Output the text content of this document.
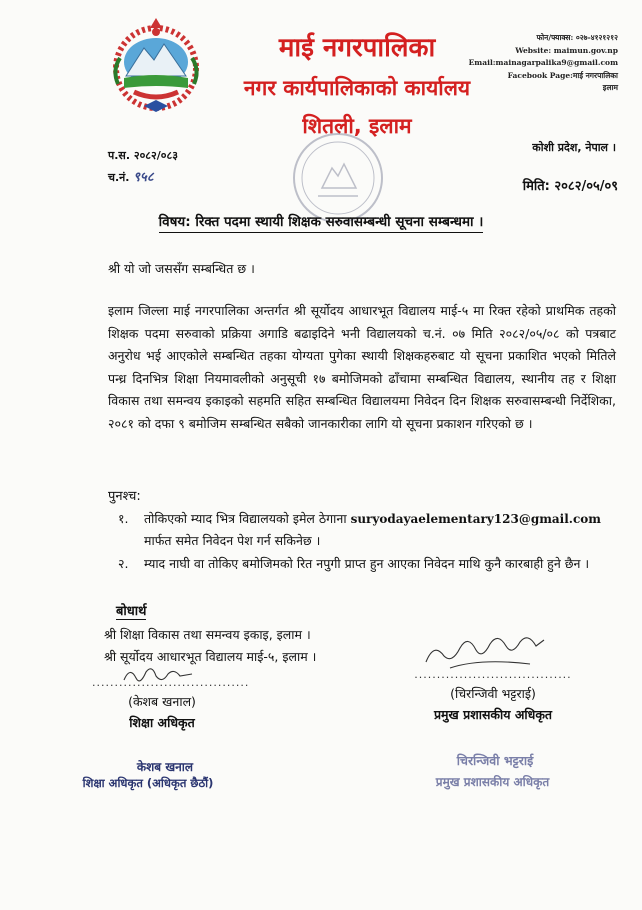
माई नगरपालिका
नगर कार्यपालिकाको कार्यालय
शितली, इलाम
फोन/फ्याक्स: ०२७-४१२१२१२
Website: maimun.gov.np
Email:mainagarpalika9@gmail.com
Facebook Page:माई नगरपालिका
इलाम
कोशी प्रदेश, नेपाल ।
प.स. २०८२/०८३
च.नं. ९५८
मिति: २०८२/०५/०९
विषय: रिक्त पदमा स्थायी शिक्षक सरुवासम्बन्धी सूचना सम्बन्धमा ।
श्री यो जो जससँग सम्बन्धित छ ।
इलाम जिल्ला माई नगरपालिका अन्तर्गत श्री सूर्योदय आधारभूत विद्यालय माई-५ मा रिक्त रहेको प्राथमिक तहको शिक्षक पदमा सरुवाको प्रक्रिया अगाडि बढाइदिने भनी विद्यालयको च.नं. ०७ मिति २०८२/०५/०८ को पत्रबाट अनुरोध भई आएकोले सम्बन्धित तहका योग्यता पुगेका स्थायी शिक्षकहरुबाट यो सूचना प्रकाशित भएको मितिले पन्ध्र दिनभित्र शिक्षा नियमावलीको अनुसूची १७ बमोजिमको ढाँचामा सम्बन्धित विद्यालय, स्थानीय तह र शिक्षा विकास तथा समन्वय इकाइको सहमति सहित सम्बन्धित विद्यालयमा निवेदन दिन शिक्षक सरुवासम्बन्धी निर्देशिका, २०८१ को दफा ९ बमोजिम सम्बन्धित सबैको जानकारीका लागि यो सूचना प्रकाशन गरिएको छ ।
पुनश्च:
१.	तोकिएको म्याद भित्र विद्यालयको इमेल ठेगाना suryodayaelementary123@gmail.com मार्फत समेत निवेदन पेश गर्न सकिनेछ ।
२.	म्याद नाघी वा तोकिए बमोजिमको रित नपुगी प्राप्त हुन आएका निवेदन माथि कुनै कारबाही हुने छैन ।
बोधार्थ
श्री शिक्षा विकास तथा समन्वय इकाइ, इलाम ।
श्री सूर्योदय आधारभूत विद्यालय माई-५, इलाम ।
...................................
(केशब खनाल)
शिक्षा अधिकृत
केशब खनाल
शिक्षा अधिकृत (अधिकृत छैठौं)
...................................
(चिरन्जिवी भट्टराई)
प्रमुख प्रशासकीय अधिकृत
चिरन्जिवी भट्टराई
प्रमुख प्रशासकीय अधिकृत
